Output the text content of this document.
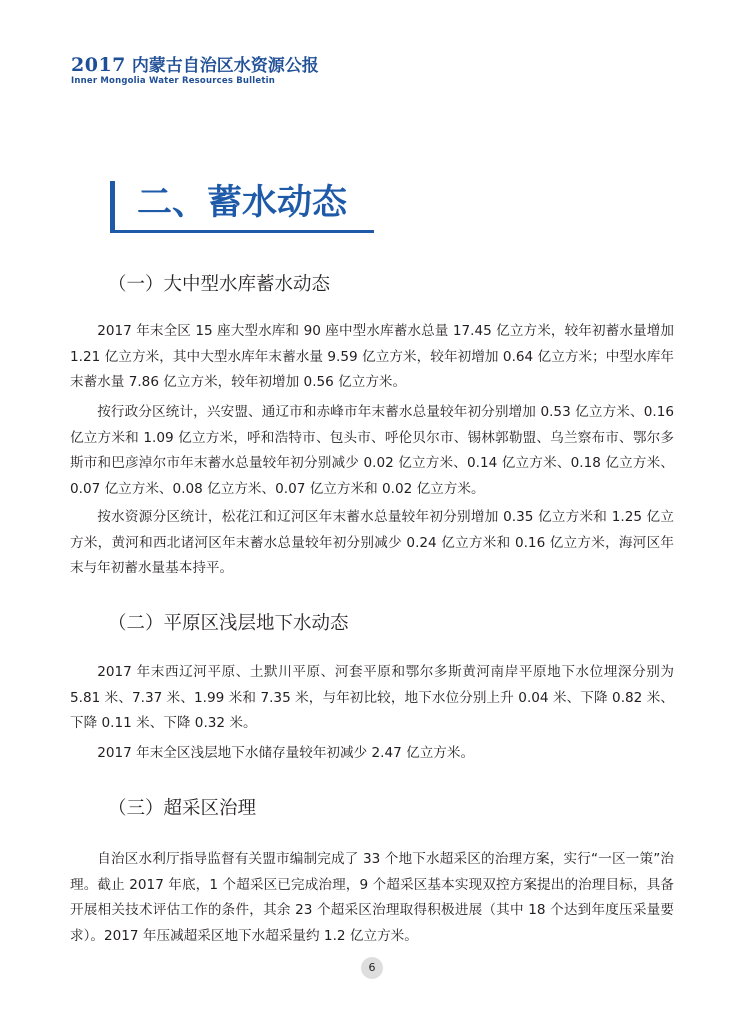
2017 内蒙古自治区水资源公报
Inner Mongolia Water Resources Bulletin
二、蓄水动态
（一）大中型水库蓄水动态

2017 年末全区 15 座大型水库和 90 座中型水库蓄水总量 17.45 亿立方米，较年初蓄水量增加 1.21 亿立方米，其中大型水库年末蓄水量 9.59 亿立方米，较年初增加 0.64 亿立方米；中型水库年末蓄水量 7.86 亿立方米，较年初增加 0.56 亿立方米。

按行政分区统计，兴安盟、通辽市和赤峰市年末蓄水总量较年初分别增加 0.53 亿立方米、0.16 亿立方米和 1.09 亿立方米，呼和浩特市、包头市、呼伦贝尔市、锡林郭勒盟、乌兰察布市、鄂尔多斯市和巴彦淖尔市年末蓄水总量较年初分别减少 0.02 亿立方米、0.14 亿立方米、0.18 亿立方米、0.07 亿立方米、0.08 亿立方米、0.07 亿立方米和 0.02 亿立方米。

按水资源分区统计，松花江和辽河区年末蓄水总量较年初分别增加 0.35 亿立方米和 1.25 亿立方米，黄河和西北诸河区年末蓄水总量较年初分别减少 0.24 亿立方米和 0.16 亿立方米，海河区年末与年初蓄水量基本持平。

（二）平原区浅层地下水动态

2017 年末西辽河平原、土默川平原、河套平原和鄂尔多斯黄河南岸平原地下水位埋深分别为 5.81 米、7.37 米、1.99 米和 7.35 米，与年初比较，地下水位分别上升 0.04 米、下降 0.82 米、下降 0.11 米、下降 0.32 米。

2017 年末全区浅层地下水储存量较年初减少 2.47 亿立方米。

（三）超采区治理

自治区水利厅指导监督有关盟市编制完成了 33 个地下水超采区的治理方案，实行“一区一策”治理。截止 2017 年底，1 个超采区已完成治理，9 个超采区基本实现双控方案提出的治理目标，具备开展相关技术评估工作的条件，其余 23 个超采区治理取得积极进展（其中 18 个达到年度压采量要求）。2017 年压减超采区地下水超采量约 1.2 亿立方米。

6
